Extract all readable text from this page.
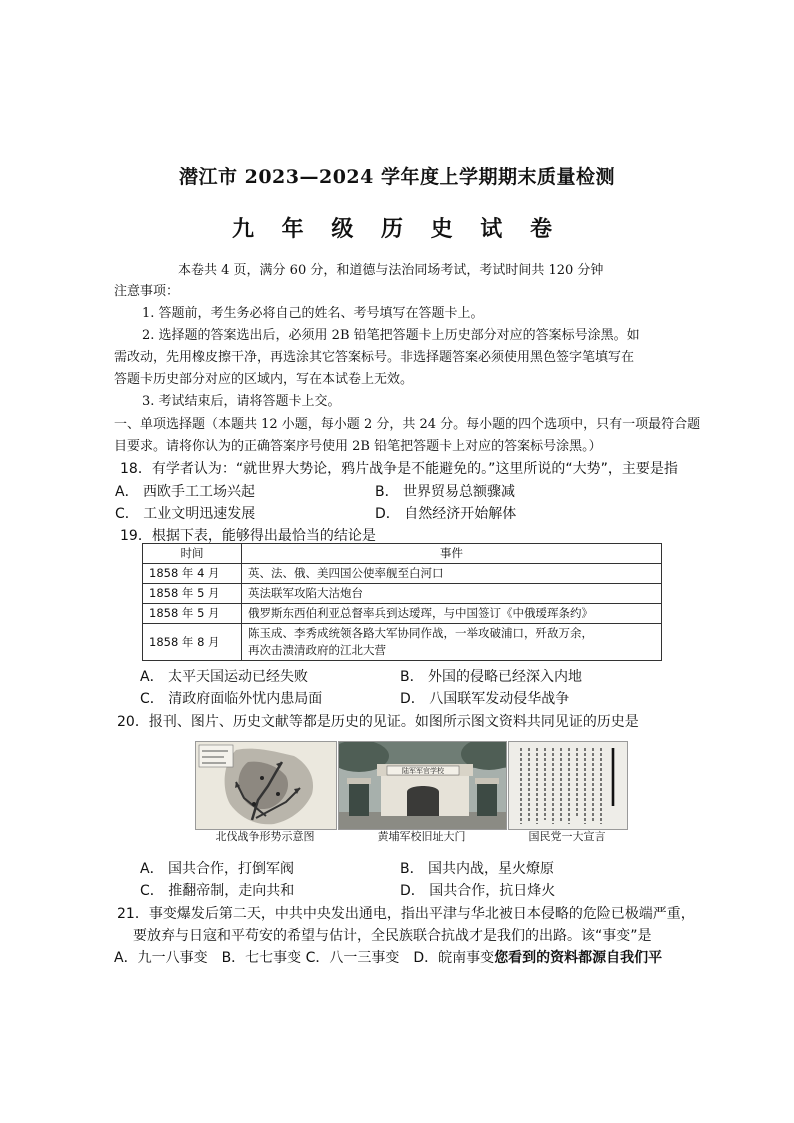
潜江市 2023—2024 学年度上学期期末质量检测
九 年 级 历 史 试 卷
本卷共 4 页，满分 60 分，和道德与法治同场考试，考试时间共 120 分钟
注意事项：
1. 答题前，考生务必将自己的姓名、考号填写在答题卡上。
2. 选择题的答案选出后，必须用 2B 铅笔把答题卡上历史部分对应的答案标号涂黑。如
需改动，先用橡皮擦干净，再选涂其它答案标号。非选择题答案必须使用黑色签字笔填写在
答题卡历史部分对应的区域内，写在本试卷上无效。
3. 考试结束后，请将答题卡上交。
一、单项选择题（本题共 12 小题，每小题 2 分，共 24 分。每小题的四个选项中，只有一项最符合题
目要求。请将你认为的正确答案序号使用 2B 铅笔把答题卡上对应的答案标号涂黑。）
18．有学者认为：“就世界大势论，鸦片战争是不能避免的。”这里所说的“大势”，主要是指
A． 西欧手工工场兴起	B． 世界贸易总额骤减
C． 工业文明迅速发展	D． 自然经济开始解体
19．根据下表，能够得出最恰当的结论是
时间	事件
1858 年 4 月	英、法、俄、美四国公使率舰至白河口
1858 年 5 月	英法联军攻陷大沽炮台
1858 年 5 月	俄罗斯东西伯利亚总督率兵到达瑷珲，与中国签订《中俄瑷珲条约》
1858 年 8 月	陈玉成、李秀成统领各路大军协同作战，一举攻破浦口，歼敌万余，
再次击溃清政府的江北大营
A． 太平天国运动已经失败	B． 外国的侵略已经深入内地
C． 清政府面临外忧内患局面	D． 八国联军发动侵华战争
20．报刊、图片、历史文献等都是历史的见证。如图所示图文资料共同见证的历史是
北伐战争形势示意图
陆军军官学校
黄埔军校旧址大门	国民党一大宣言
A． 国共合作，打倒军阀	B． 国共内战，星火燎原
C． 推翻帝制，走向共和	D． 国共合作，抗日烽火
21．事变爆发后第二天，中共中央发出通电，指出平津与华北被日本侵略的危险已极端严重，
要放弃与日寇和平苟安的希望与估计，全民族联合抗战才是我们的出路。该“事变”是
A．九一八事变　B．七七事变 C．八一三事变　D．皖南事变您看到的资料都源自我们平
